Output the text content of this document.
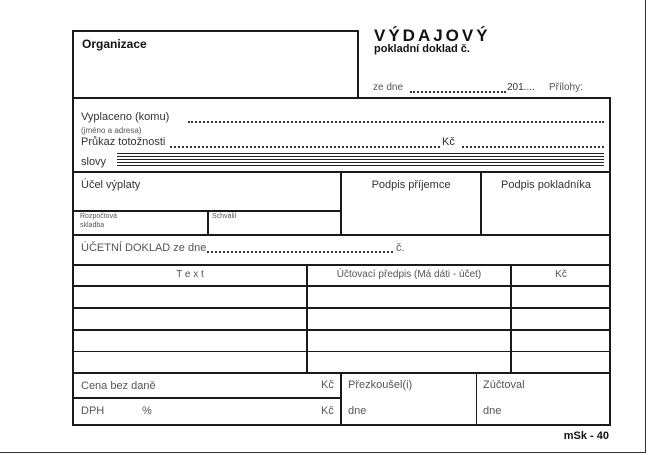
Organizace	VÝDAJOVÝ
pokladní doklad č.
ze dne	201.... Přílohy:
Vyplaceno (komu)
(jméno a adresa)
Průkaz totožnosti	Kč
slovy
Účel výplaty	Podpis příjemce	Podpis pokladníka
Rozpočtová
skladba
Schválil
ÚČETNÍ DOKLAD ze dne	č.
T e x t	Účtovací předpis (Má dáti - účet)	Kč
Cena bez daně	Kč
DPH	%	Kč
Přezkoušel(i)
dne
Zúčtoval
dne
mSk - 40
